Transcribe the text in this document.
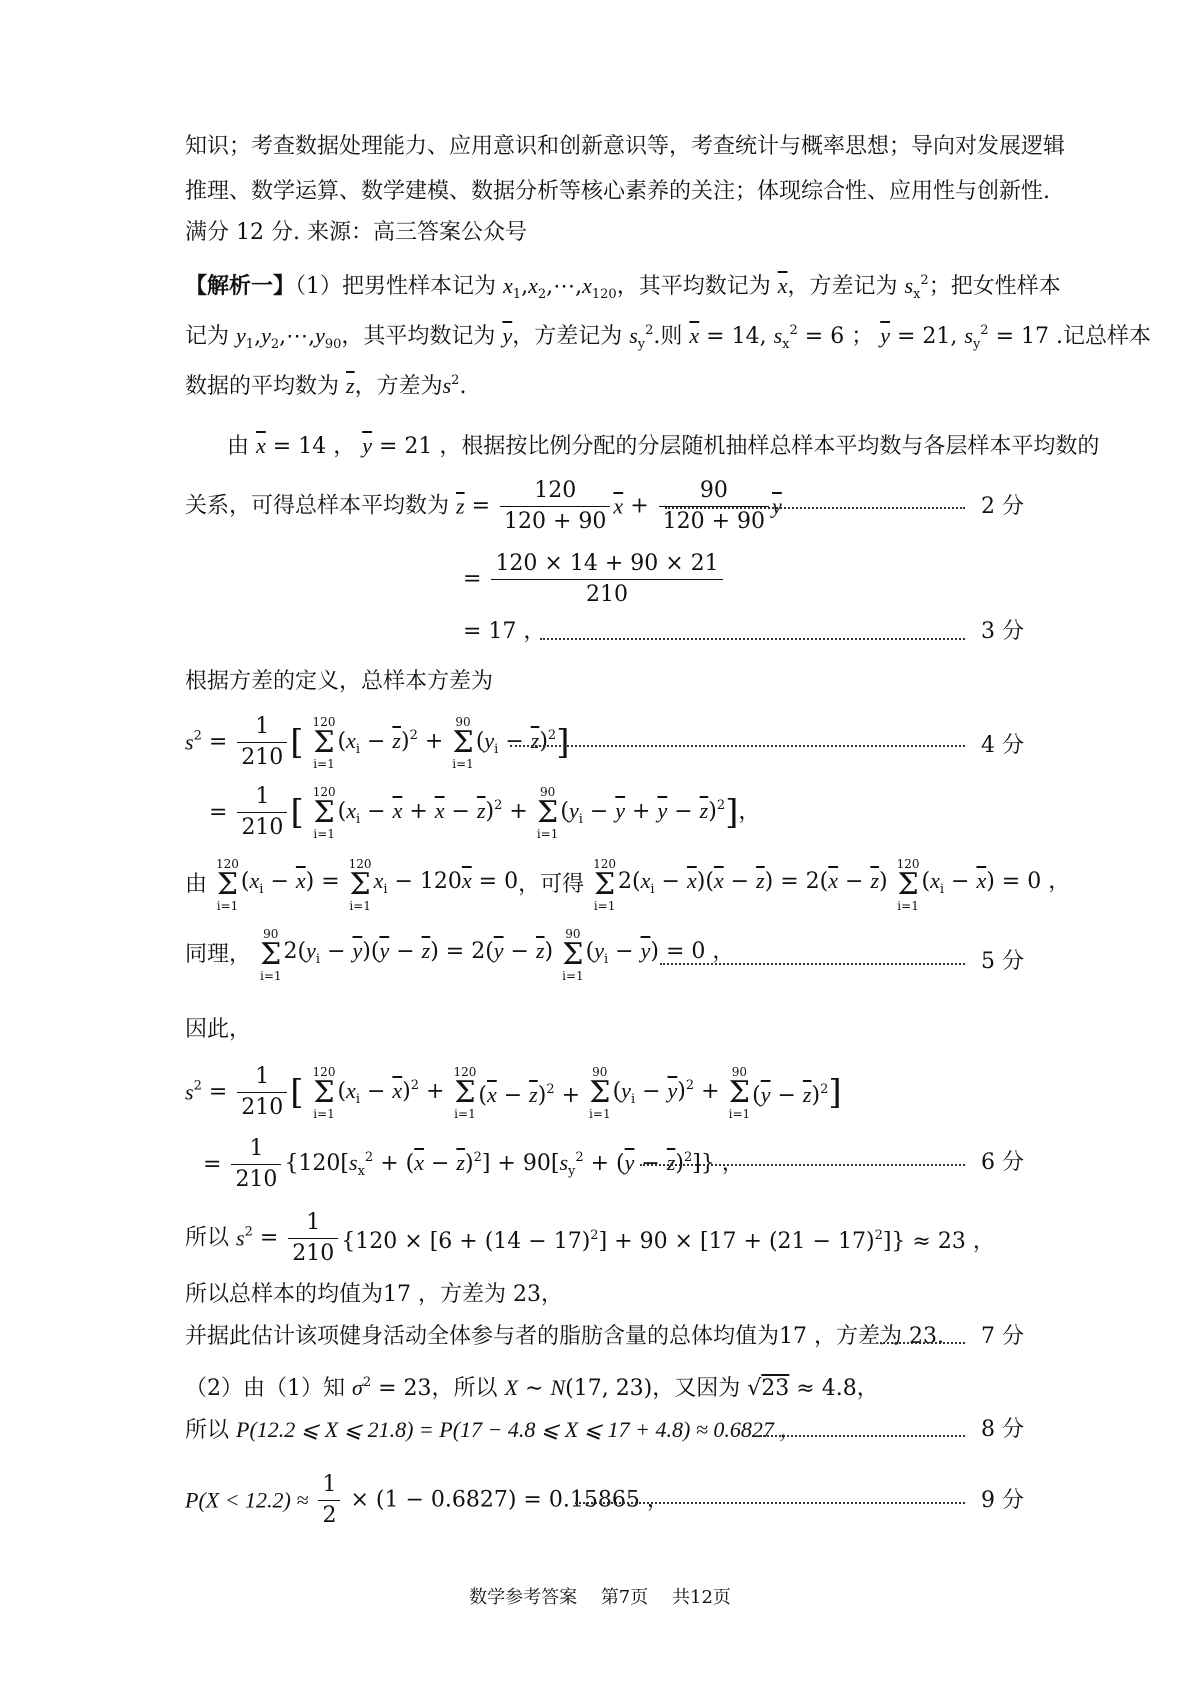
知识；考查数据处理能力、应用意识和创新意识等，考查统计与概率思想；导向对发展逻辑
推理、数学运算、数学建模、数据分析等核心素养的关注；体现综合性、应用性与创新性.
满分 12 分. 来源：高三答案公众号
【解析一】（1）把男性样本记为 $x_1,x_2,\cdots,x_{120}$，其平均数记为 $\overline{x}$，方差记为 $s_x^2$；把女性样本
记为 $y_1,y_2,\cdots,y_{90}$，其平均数记为 $\overline{y}$，方差记为 $s_y^2$.则 $\overline{x} = 14$, $s_x^2 = 6$ ； $\overline{y} = 21$, $s_y^2 = 17$ .记总样本
数据的平均数为 $\overline{z}$，方差为$s^2$.
由 $\overline{x} = 14$ ， $\overline{y} = 21$ ，根据按比例分配的分层随机抽样总样本平均数与各层样本平均数的
关系，可得总样本平均数为 $\overline{z} = \frac{120}{120 + 90} \overline{x} + \frac{90}{120 + 90} \overline{y}$	2 分
= $\frac{120 \times 14 + 90 \times 21}{210}$
= 17 ，	3 分
根据方差的定义，总样本方差为
$s^2 = \frac{1}{210}$ [
120
Σ
i=1
$(x_i - \overline{z})^2$ +
90
Σ
i=1
$(y_i - \overline{z})^2$]	4 分
= $\frac{1}{210}$ [
120
Σ
i=1
$(x_i - \overline{x} + \overline{x} - \overline{z})^2$ +
90
Σ
i=1
$(y_i - \overline{y} + \overline{y} - \overline{z})^2$]，
由
120
Σ
i=1
$(x_i - \overline{x})$ =
120
Σ
i=1
$x_i - 120\overline{x} = 0$，可得
120
Σ
i=1
$2(x_i - \overline{x})(\overline{x} - \overline{z}) = 2(\overline{x} - \overline{z})$
120
Σ
i=1
$(x_i - \overline{x}) = 0$ ，
同理，
90
Σ
i=1
$2(y_i - \overline{y})(\overline{y} - \overline{z}) = 2(\overline{y} - \overline{z})$
90
Σ
i=1
$(y_i - \overline{y}) = 0$ ，	5 分
因此，
$s^2 = \frac{1}{210}$ [
120
Σ
i=1
$(x_i - \overline{x})^2$ +
120
Σ
i=1
$(\overline{x} - \overline{z})^2$ +
90
Σ
i=1
$(y_i - \overline{y})^2$ +
90
Σ
i=1
$(\overline{y} - \overline{z})^2$]
= $\frac{1}{210} \{120[s_x^2 + (\overline{x} - \overline{z})^2] + 90[s_y^2 + (\overline{y} - \overline{z})^2]\}$ ，	6 分
所以 $s^2 = \frac{1}{210} \{120 \times [6 + (14 - 17)^2] + 90 \times [17 + (21 - 17)^2]\} \approx 23$ ，
所以总样本的均值为17 ，方差为 23，
并据此估计该项健身活动全体参与者的脂肪含量的总体均值为17 ，方差为 23.	7 分
（2）由（1）知 $\sigma^2 = 23$，所以 X ∼ N(17, 23)，又因为 √23 ≈ 4.8，
所以 P(12.2 ⩽ X ⩽ 21.8) = P(17 − 4.8 ⩽ X ⩽ 17 + 4.8) ≈ 0.6827 ，	8 分
$P(X < 12.2) \approx \frac{1}{2} \times (1 - 0.6827) = 0.15865$ ，	9 分
数学参考答案 第7页 共12页
